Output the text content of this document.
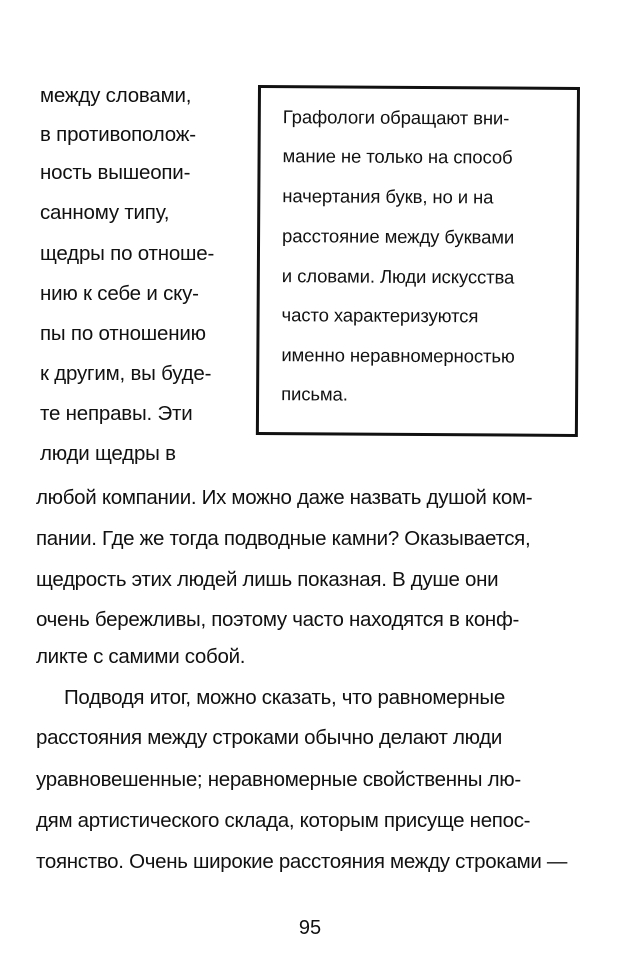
между словами,
в противополож-
ность вышеопи-
санному типу,
щедры по отноше-
нию к себе и ску-
пы по отношению
к другим, вы буде-
те неправы. Эти
люди щедры в
Графологи обращают вни-
мание не только на способ
начертания букв, но и на
расстояние между буквами
и словами. Люди искусства
часто характеризуются
именно неравномерностью
письма.
любой компании. Их можно даже назвать душой ком-
пании. Где же тогда подводные камни? Оказывается,
щедрость этих людей лишь показная. В душе они
очень бережливы, поэтому часто находятся в конф-
ликте с самими собой.
Подводя итог, можно сказать, что равномерные
расстояния между строками обычно делают люди
уравновешенные; неравномерные свойственны лю-
дям артистического склада, которым присуще непос-
тоянство. Очень широкие расстояния между строками —
95
